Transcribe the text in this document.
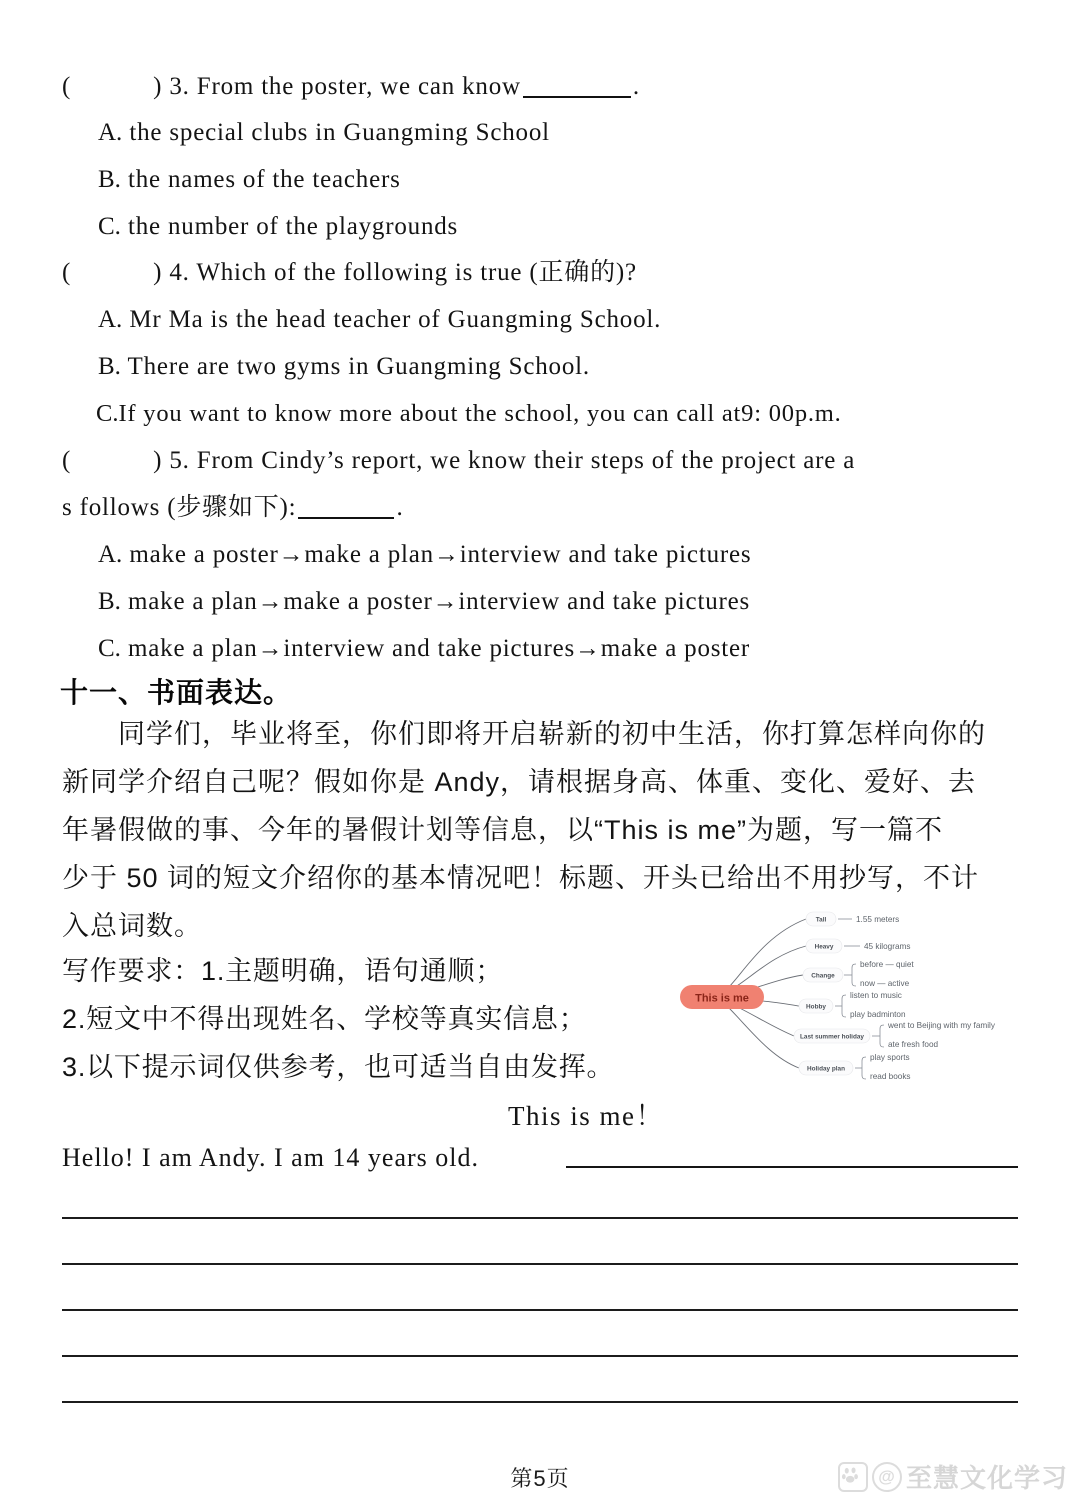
(	) 3. From the poster, we can know	.
A. the special clubs in Guangming School
B. the names of the teachers
C. the number of the playgrounds
(	) 4. Which of the following is true (正确的)?
A. Mr Ma is the head teacher of Guangming School.
B. There are two gyms in Guangming School.
C.If you want to know more about the school, you can call at9: 00p.m.
(	) 5. From Cindy’s report, we know their steps of the project are a
s follows (步骤如下):	.
A. make a poster→make a plan→interview and take pictures
B. make a plan→make a poster→interview and take pictures
C. make a plan→interview and take pictures→make a poster
十一、书面表达。
　　同学们，毕业将至，你们即将开启崭新的初中生活，你打算怎样向你的
新同学介绍自己呢？假如你是 Andy，请根据身高、体重、变化、爱好、去
年暑假做的事、今年的暑假计划等信息，以“This is me”为题，写一篇不
少于 50 词的短文介绍你的基本情况吧！标题、开头已给出不用抄写，不计
入总词数。
写作要求：1.主题明确，语句通顺；
2.短文中不得出现姓名、学校等真实信息；
3.以下提示词仅供参考，也可适当自由发挥。
Tall	1.55 meters
Heavy	45 kilograms
Change
before — quiet
now — active
Hobby
listen to music
play badminton
Last summer holiday
went to Beijing with my family
ate fresh food
Holiday plan
play sports
read books
This is me
This is me！
Hello! I am Andy. I am 14 years old.
第5页	@ 至慧文化学习
